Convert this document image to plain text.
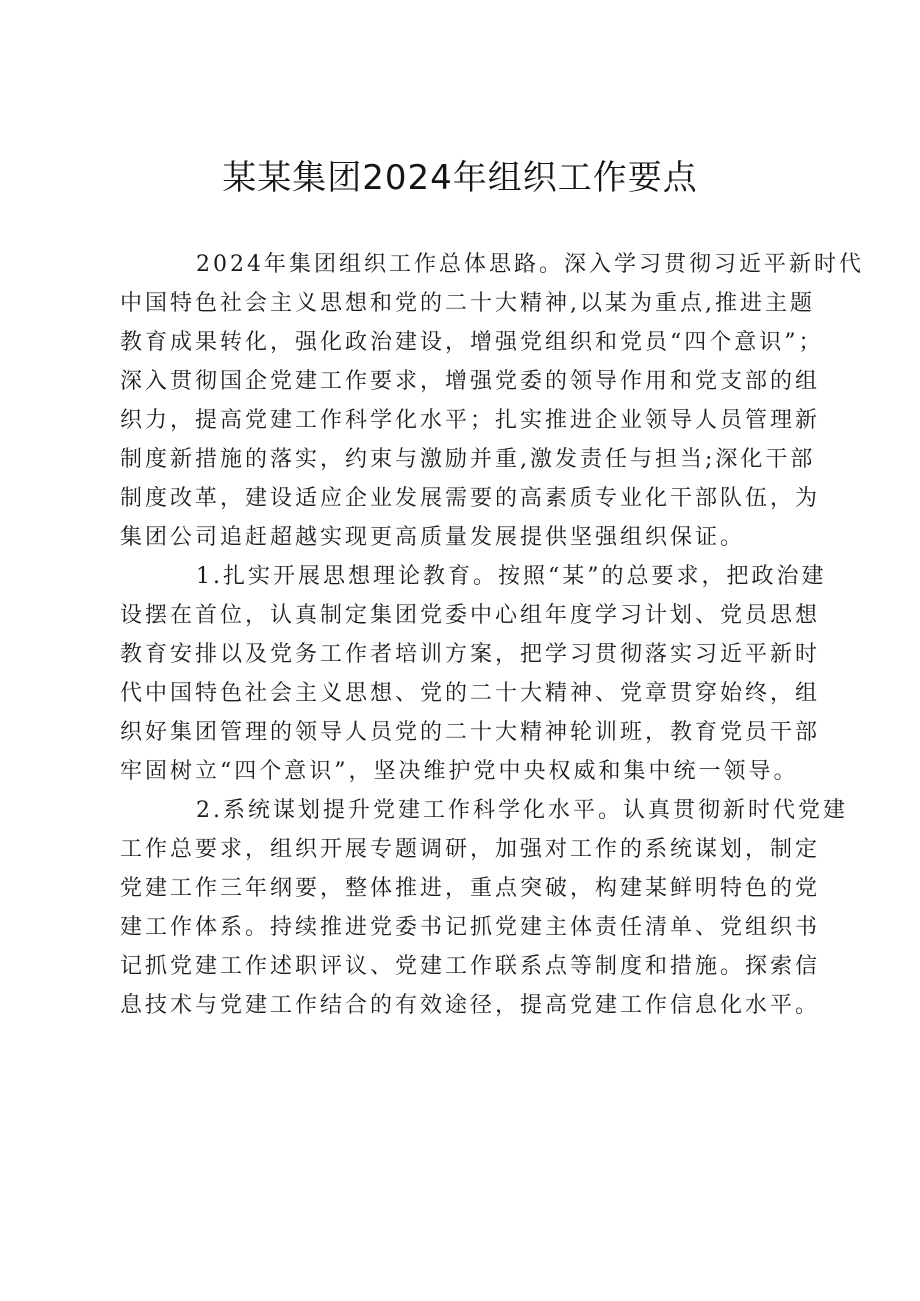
某某集团2024年组织工作要点
2024年集团组织工作总体思路。深入学习贯彻习近平新时代
中国特色社会主义思想和党的二十大精神,以某为重点,推进主题
教育成果转化，强化政治建设，增强党组织和党员“四个意识”；
深入贯彻国企党建工作要求，增强党委的领导作用和党支部的组
织力，提高党建工作科学化水平；扎实推进企业领导人员管理新
制度新措施的落实，约束与激励并重,激发责任与担当;深化干部
制度改革，建设适应企业发展需要的高素质专业化干部队伍，为
集团公司追赶超越实现更高质量发展提供坚强组织保证。
1.扎实开展思想理论教育。按照“某”的总要求，把政治建
设摆在首位，认真制定集团党委中心组年度学习计划、党员思想
教育安排以及党务工作者培训方案，把学习贯彻落实习近平新时
代中国特色社会主义思想、党的二十大精神、党章贯穿始终，组
织好集团管理的领导人员党的二十大精神轮训班，教育党员干部
牢固树立“四个意识”，坚决维护党中央权威和集中统一领导。
2.系统谋划提升党建工作科学化水平。认真贯彻新时代党建
工作总要求，组织开展专题调研，加强对工作的系统谋划，制定
党建工作三年纲要，整体推进，重点突破，构建某鲜明特色的党
建工作体系。持续推进党委书记抓党建主体责任清单、党组织书
记抓党建工作述职评议、党建工作联系点等制度和措施。探索信
息技术与党建工作结合的有效途径，提高党建工作信息化水平。
